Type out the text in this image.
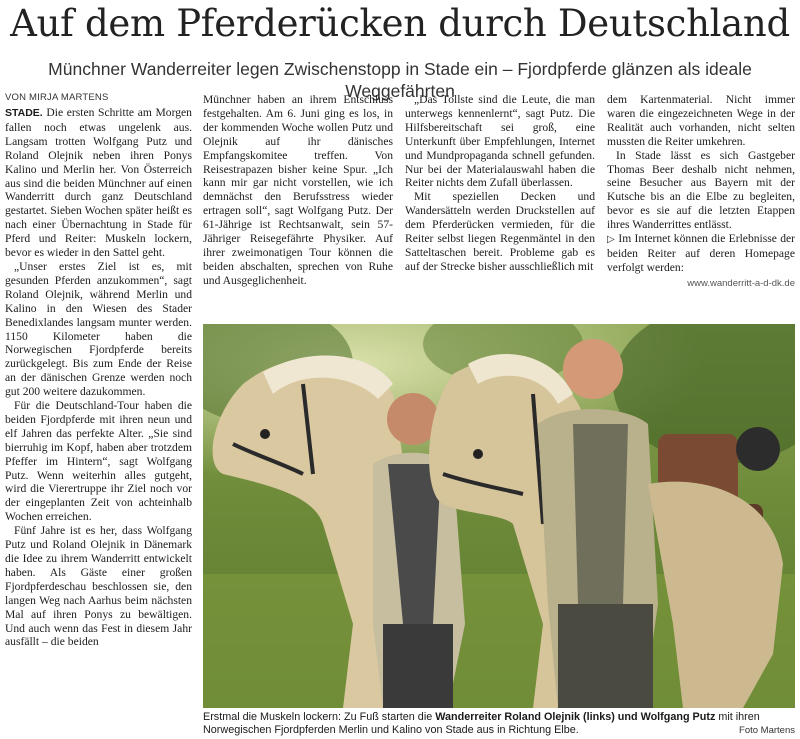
Auf dem Pferderücken durch Deutschland
Münchner Wanderreiter legen Zwischenstopp in Stade ein – Fjordpferde glänzen als ideale Weggefährten
VON MIRJA MARTENS

STADE. Die ersten Schritte am Morgen fallen noch etwas ungelenk aus. Langsam trotten Wolfgang Putz und Roland Olejnik neben ihren Ponys Kalino und Merlin her. Von Österreich aus sind die beiden Münchner auf einen Wanderritt durch ganz Deutschland gestartet. Sieben Wochen später heißt es nach einer Übernachtung in Stade für Pferd und Reiter: Muskeln lockern, bevor es wieder in den Sattel geht.

„Unser erstes Ziel ist es, mit gesunden Pferden anzukommen“, sagt Roland Olejnik, während Merlin und Kalino in den Wiesen des Stader Benedixlandes langsam munter werden. 1150 Kilometer haben die Norwegischen Fjordpferde bereits zurückgelegt. Bis zum Ende der Reise an der dänischen Grenze werden noch gut 200 weitere dazukommen.

Für die Deutschland-Tour haben die beiden Fjordpferde mit ihren neun und elf Jahren das perfekte Alter. „Sie sind bierruhig im Kopf, haben aber trotzdem Pfeffer im Hintern“, sagt Wolfgang Putz. Wenn weiterhin alles gutgeht, wird die Vierertruppe ihr Ziel noch vor der eingeplanten Zeit von achteinhalb Wochen erreichen.

Fünf Jahre ist es her, dass Wolfgang Putz und Roland Olejnik in Dänemark die Idee zu ihrem Wanderritt entwickelt haben. Als Gäste einer großen Fjordpferdeschau beschlossen sie, den langen Weg nach Aarhus beim nächsten Mal auf ihren Ponys zu bewältigen. Und auch wenn das Fest in diesem Jahr ausfällt – die beiden

Münchner haben an ihrem Entschluss festgehalten. Am 6. Juni ging es los, in der kommenden Woche wollen Putz und Olejnik auf ihr dänisches Empfangskomitee treffen. Von Reisestrapazen bisher keine Spur. „Ich kann mir gar nicht vorstellen, wie ich demnächst den Berufsstress wieder ertragen soll“, sagt Wolfgang Putz. Der 61-Jährige ist Rechtsanwalt, sein 57-Jähriger Reisegefährte Physiker. Auf ihrer zweimonatigen Tour können die beiden abschalten, sprechen von Ruhe und Ausgeglichenheit.

„Das Tollste sind die Leute, die man unterwegs kennenlernt“, sagt Putz. Die Hilfsbereitschaft sei groß, eine Unterkunft über Empfehlungen, Internet und Mundpropaganda schnell gefunden. Nur bei der Materialauswahl haben die Reiter nichts dem Zufall überlassen.

Mit speziellen Decken und Wandersätteln werden Druckstellen auf dem Pferderücken vermieden, für die Reiter selbst liegen Regenmäntel in den Satteltaschen bereit. Probleme gab es auf der Strecke bisher ausschließlich mit

dem Kartenmaterial. Nicht immer waren die eingezeichneten Wege in der Realität auch vorhanden, nicht selten mussten die Reiter umkehren.

In Stade lässt es sich Gastgeber Thomas Beer deshalb nicht nehmen, seine Besucher aus Bayern mit der Kutsche bis an die Elbe zu begleiten, bevor es sie auf die letzten Etappen ihres Wanderrittes entlässt.

▷ Im Internet können die Erlebnisse der beiden Reiter auf deren Homepage verfolgt werden:

www.wanderritt-a-d-dk.de
Erstmal die Muskeln lockern: Zu Fuß starten die Wanderreiter Roland Olejnik (links) und Wolfgang Putz mit ihren Norwegischen Fjordpferden Merlin und Kalino von Stade aus in Richtung Elbe.	Foto Martens
